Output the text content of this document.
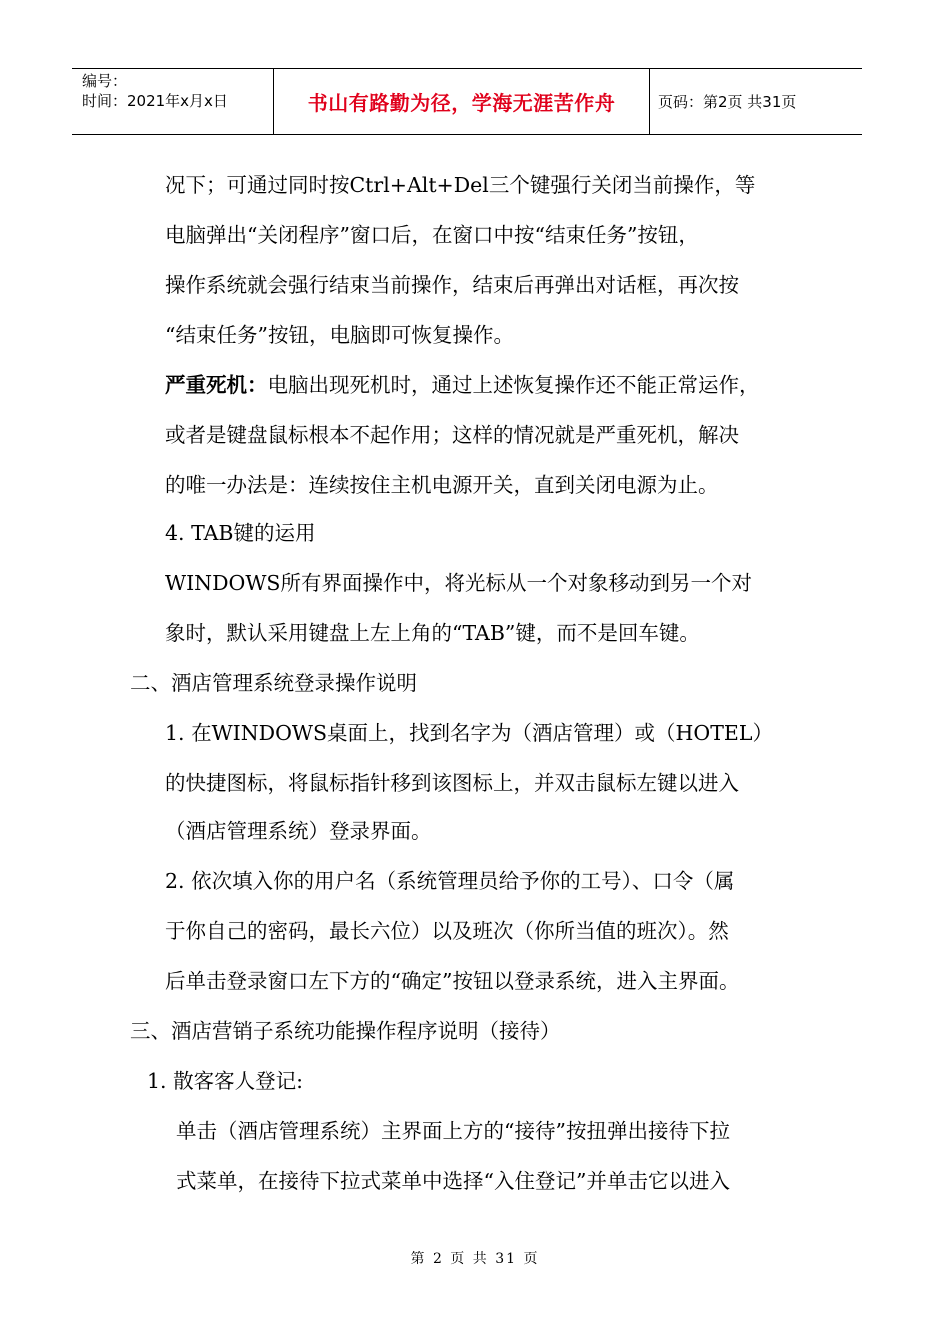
编号：
时间：2021年x月x日	书山有路勤为径，学海无涯苦作舟	页码：第2页 共31页
况下；可通过同时按Ctrl+Alt+Del三个键强行关闭当前操作，等
电脑弹出“关闭程序”窗口后，在窗口中按“结束任务”按钮，
操作系统就会强行结束当前操作，结束后再弹出对话框，再次按
“结束任务”按钮，电脑即可恢复操作。
严重死机：电脑出现死机时，通过上述恢复操作还不能正常运作，
或者是键盘鼠标根本不起作用；这样的情况就是严重死机，解决
的唯一办法是：连续按住主机电源开关，直到关闭电源为止。
4. TAB键的运用
WINDOWS所有界面操作中，将光标从一个对象移动到另一个对
象时，默认采用键盘上左上角的“TAB”键，而不是回车键。
二、酒店管理系统登录操作说明
1. 在WINDOWS桌面上，找到名字为（酒店管理）或（HOTEL）
的快捷图标，将鼠标指针移到该图标上，并双击鼠标左键以进入
（酒店管理系统）登录界面。
2. 依次填入你的用户名（系统管理员给予你的工号）、口令（属
于你自己的密码，最长六位）以及班次（你所当值的班次）。然
后单击登录窗口左下方的“确定”按钮以登录系统，进入主界面。
三、酒店营销子系统功能操作程序说明（接待）
1. 散客客人登记:
单击（酒店管理系统）主界面上方的“接待”按扭弹出接待下拉
式菜单，在接待下拉式菜单中选择“入住登记”并单击它以进入
第 2 页 共 31 页
